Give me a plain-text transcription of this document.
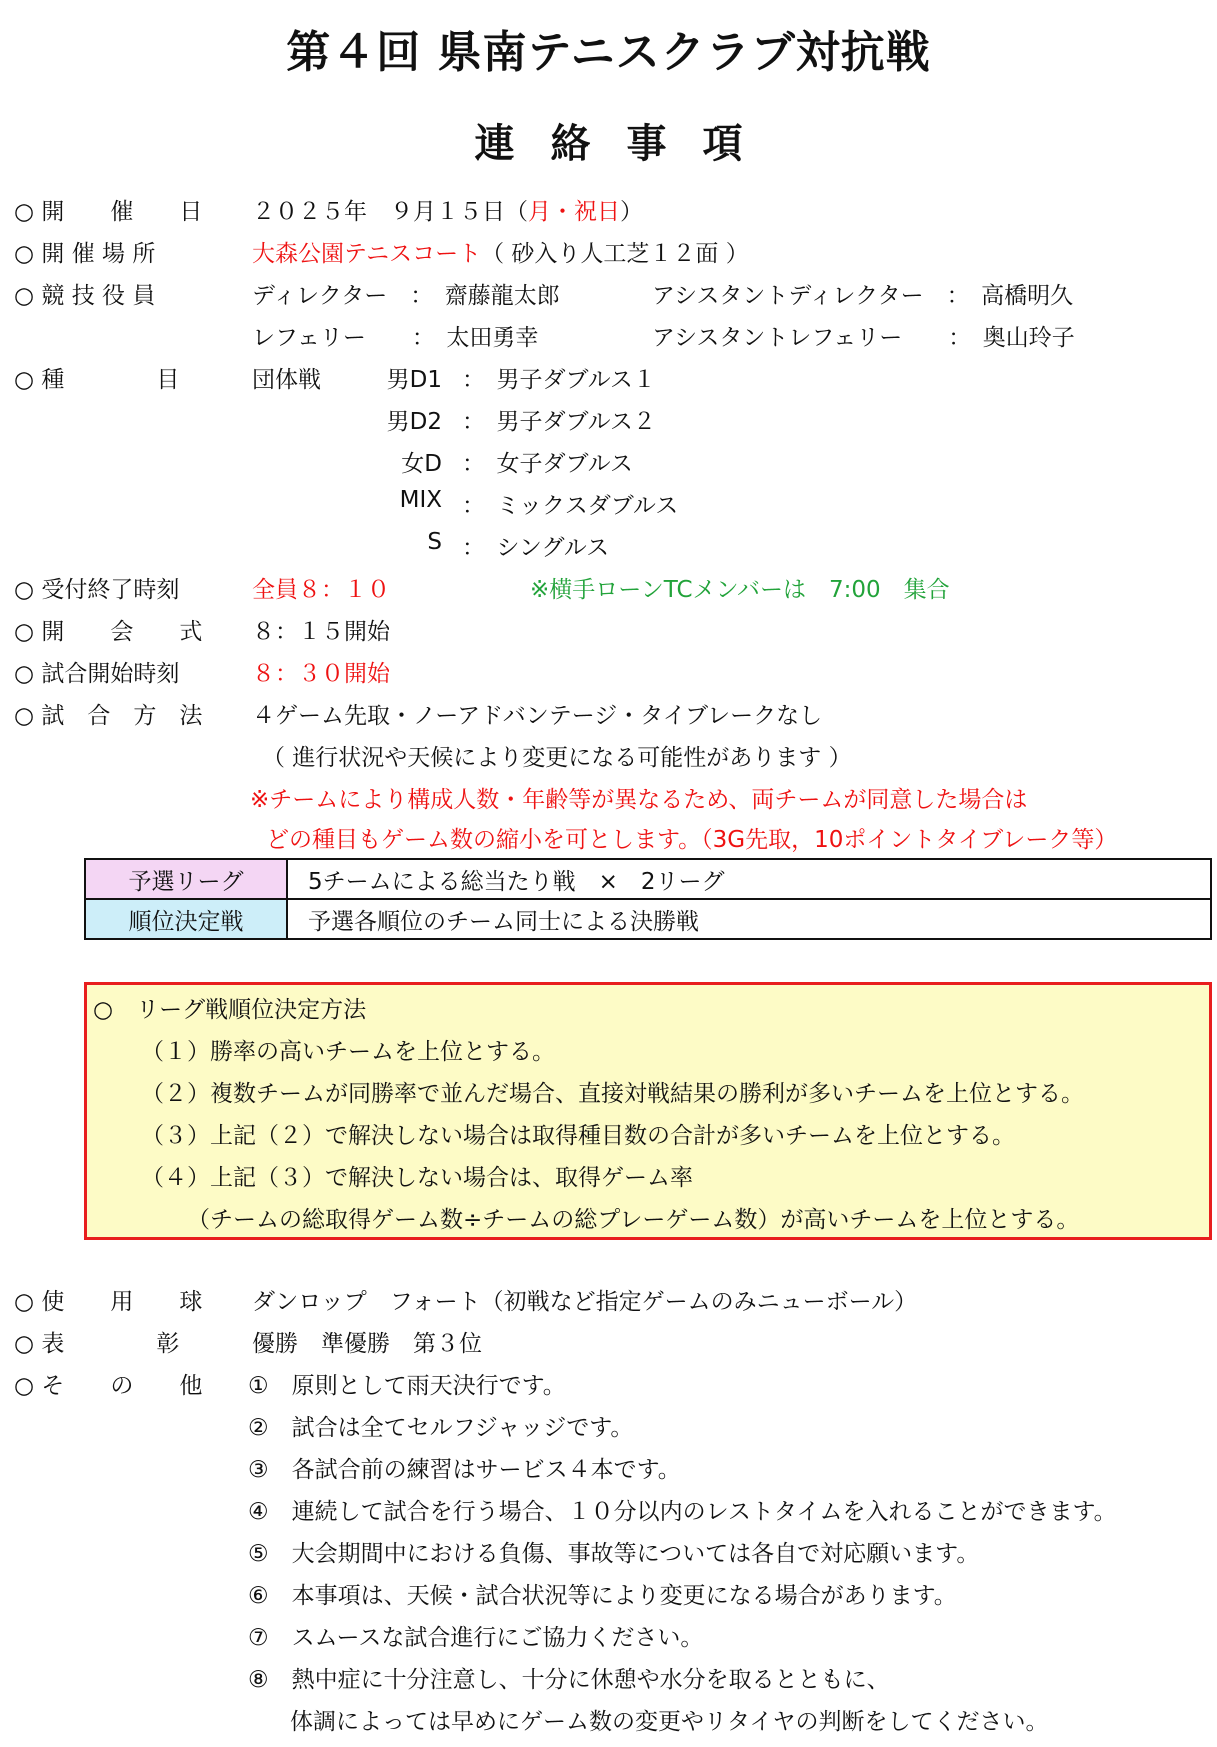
第４回 県南テニスクラブ対抗戦
連絡事項
○ 開　　催　　日 ２０２５年　９月１５日（月・祝日）
○ 開 催 場 所	大森公園テニスコート（ 砂入り人工芝１２面 ）
○ 競 技 役 員	ディレクター　：　齋藤龍太郎	アシスタントディレクター　：　高橋明久
レフェリー　　：　太田勇幸	アシスタントレフェリー　　：　奥山玲子
○ 種　　　　目	団体戦	男D1 ：　男子ダブルス１
男D2 ：　男子ダブルス２
女D ：　女子ダブルス
MIX ：　ミックスダブルス
S ：　シングルス
○ 受付終了時刻	全員８：１０	※横手ローンTCメンバーは　7:00　集合
○ 開　　会　　式 ８：１５開始
○ 試合開始時刻	８：３０開始
○ 試　合　方　法 ４ゲーム先取・ノーアドバンテージ・タイブレークなし
（ 進行状況や天候により変更になる可能性があります ）
※チームにより構成人数・年齢等が異なるため、両チームが同意した場合は
どの種目もゲーム数の縮小を可とします。（3G先取，10ポイントタイブレーク等）
予選リーグ	5チームによる総当たり戦　×　2リーグ
順位決定戦	予選各順位のチーム同士による決勝戦
○　リーグ戦順位決定方法
（１）勝率の高いチームを上位とする。
（２）複数チームが同勝率で並んだ場合、直接対戦結果の勝利が多いチームを上位とする。
（３）上記（２）で解決しない場合は取得種目数の合計が多いチームを上位とする。
（４）上記（３）で解決しない場合は、取得ゲーム率
（チームの総取得ゲーム数÷チームの総プレーゲーム数）が高いチームを上位とする。
○ 使　　用　　球 ダンロップ　フォート（初戦など指定ゲームのみニューボール）
○ 表　　　　彰	優勝　準優勝　第３位
○ そ　　の　　他 ①　原則として雨天決行です。
②　試合は全てセルフジャッジです。
③　各試合前の練習はサービス４本です。
④　連続して試合を行う場合、１０分以内のレストタイムを入れることができます。
⑤　大会期間中における負傷、事故等については各自で対応願います。
⑥　本事項は、天候・試合状況等により変更になる場合があります。
⑦　スムースな試合進行にご協力ください。
⑧　熱中症に十分注意し、十分に休憩や水分を取るとともに、
体調によっては早めにゲーム数の変更やリタイヤの判断をしてください。
